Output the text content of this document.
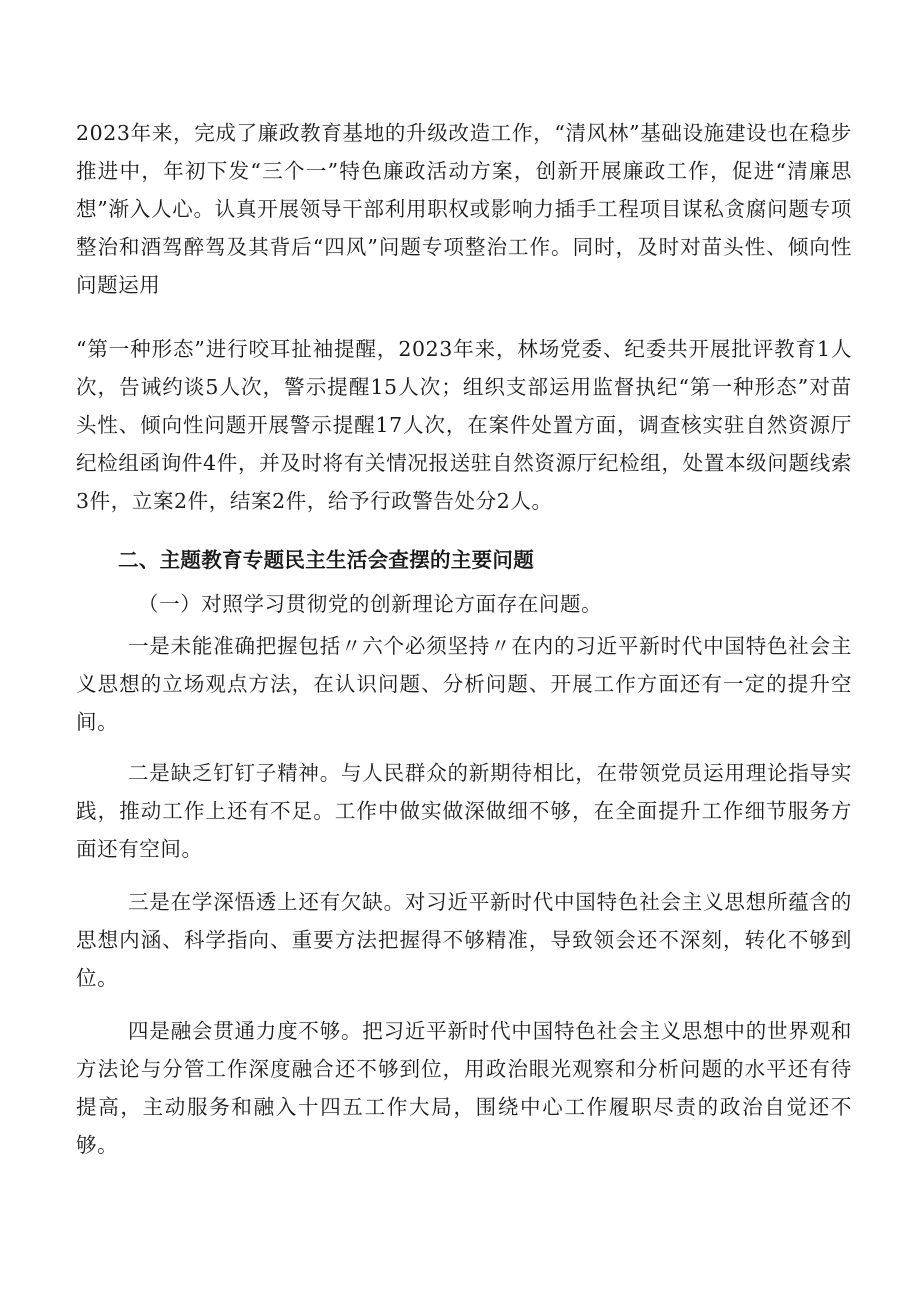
2023年来，完成了廉政教育基地的升级改造工作，“清风林”基础设施建设也在稳步推进中，年初下发“三个一”特色廉政活动方案，创新开展廉政工作，促进“清廉思想”渐入人心。认真开展领导干部利用职权或影响力插手工程项目谋私贪腐问题专项整治和酒驾醉驾及其背后“四风”问题专项整治工作。同时，及时对苗头性、倾向性问题运用

“第一种形态”进行咬耳扯袖提醒，2023年来，林场党委、纪委共开展批评教育1人次，告诫约谈5人次，警示提醒15人次；组织支部运用监督执纪“第一种形态”对苗头性、倾向性问题开展警示提醒17人次，在案件处置方面，调查核实驻自然资源厅纪检组函询件4件，并及时将有关情况报送驻自然资源厅纪检组，处置本级问题线索3件，立案2件，结案2件，给予行政警告处分2人。

二、主题教育专题民主生活会查摆的主要问题

（一）对照学习贯彻党的创新理论方面存在问题。

一是未能准确把握包括〃六个必须坚持〃在内的习近平新时代中国特色社会主义思想的立场观点方法，在认识问题、分析问题、开展工作方面还有一定的提升空间。

二是缺乏钉钉子精神。与人民群众的新期待相比，在带领党员运用理论指导实践，推动工作上还有不足。工作中做实做深做细不够，在全面提升工作细节服务方面还有空间。

三是在学深悟透上还有欠缺。对习近平新时代中国特色社会主义思想所蕴含的思想内涵、科学指向、重要方法把握得不够精准，导致领会还不深刻，转化不够到位。

四是融会贯通力度不够。把习近平新时代中国特色社会主义思想中的世界观和方法论与分管工作深度融合还不够到位，用政治眼光观察和分析问题的水平还有待提高，主动服务和融入十四五工作大局，围绕中心工作履职尽责的政治自觉还不够。
